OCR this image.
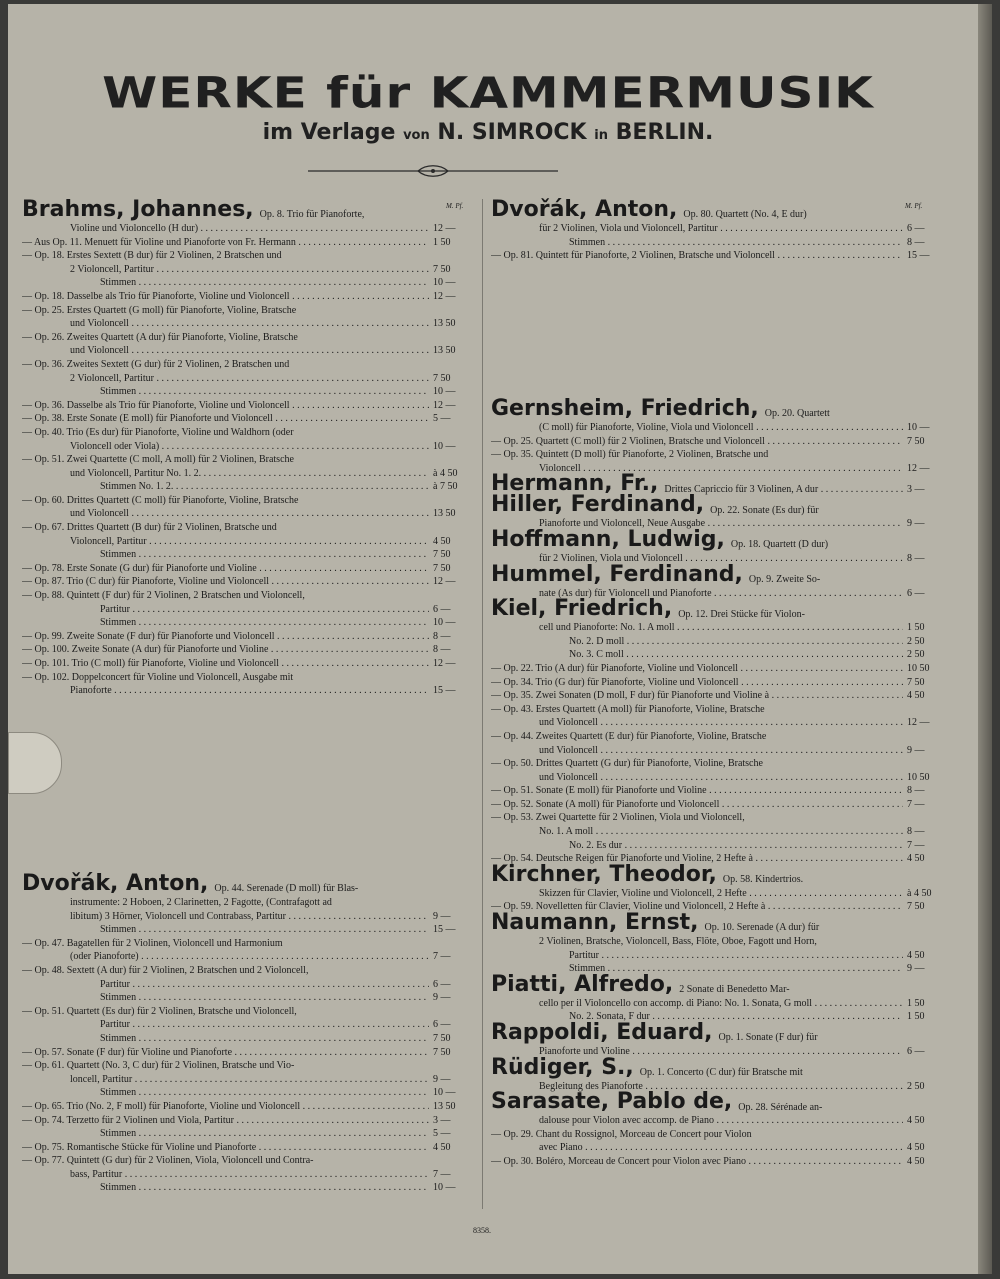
WERKE für KAMMERMUSIK
im Verlage von N. SIMROCK in BERLIN.
M. Pf.
Brahms, Johannes, Op. 8. Trio für Pianoforte,
Violine und Violoncello (H dur) . . .	12 —
— Aus Op. 11. Menuett für Violine und Pianoforte von Fr. Hermann . . .	1 50
— Op. 18. Erstes Sextett (B dur) für 2 Violinen, 2 Bratschen und
2 Violoncell, Partitur . . .	7 50
Stimmen . . .	10 —
— Op. 18. Dasselbe als Trio für Pianoforte, Violine und Violoncell . . .	12 —
— Op. 25. Erstes Quartett (G moll) für Pianoforte, Violine, Bratsche
und Violoncell . . .	13 50
— Op. 26. Zweites Quartett (A dur) für Pianoforte, Violine, Bratsche
und Violoncell . . .	13 50
— Op. 36. Zweites Sextett (G dur) für 2 Violinen, 2 Bratschen und
2 Violoncell, Partitur . . .	7 50
Stimmen . . .	10 —
— Op. 36. Dasselbe als Trio für Pianoforte, Violine und Violoncell . . .	12 —
— Op. 38. Erste Sonate (E moll) für Pianoforte und Violoncell . . .	5 —
— Op. 40. Trio (Es dur) für Pianoforte, Violine und Waldhorn (oder
Violoncell oder Viola) . . .	10 —
— Op. 51. Zwei Quartette (C moll, A moll) für 2 Violinen, Bratsche
und Violoncell, Partitur No. 1. 2. . . .	à 4 50
Stimmen No. 1. 2. . . .	à 7 50
— Op. 60. Drittes Quartett (C moll) für Pianoforte, Violine, Bratsche
und Violoncell . . .	13 50
— Op. 67. Drittes Quartett (B dur) für 2 Violinen, Bratsche und
Violoncell, Partitur . . .	4 50
Stimmen . . .	7 50
— Op. 78. Erste Sonate (G dur) für Pianoforte und Violine . . .	7 50
— Op. 87. Trio (C dur) für Pianoforte, Violine und Violoncell . . .	12 —
— Op. 88. Quintett (F dur) für 2 Violinen, 2 Bratschen und Violoncell,
Partitur . . .	6 —
Stimmen . . .	10 —
— Op. 99. Zweite Sonate (F dur) für Pianoforte und Violoncell . . .	8 —
— Op. 100. Zweite Sonate (A dur) für Pianoforte und Violine . . .	8 —
— Op. 101. Trio (C moll) für Pianoforte, Violine und Violoncell . . .	12 —
— Op. 102. Doppelconcert für Violine und Violoncell, Ausgabe mit
Pianoforte . . .	15 —
Dvořák, Anton, Op. 44. Serenade (D moll) für Blas-
instrumente: 2 Hoboen, 2 Clarinetten, 2 Fagotte, (Contrafagott ad
libitum) 3 Hörner, Violoncell und Contrabass, Partitur . . .	9 —
Stimmen . . .	15 —
— Op. 47. Bagatellen für 2 Violinen, Violoncell und Harmonium
(oder Pianoforte) . . .	7 —
— Op. 48. Sextett (A dur) für 2 Violinen, 2 Bratschen und 2 Violoncell,
Partitur . . .	6 —
Stimmen . . .	9 —
— Op. 51. Quartett (Es dur) für 2 Violinen, Bratsche und Violoncell,
Partitur . . .	6 —
Stimmen . . .	7 50
— Op. 57. Sonate (F dur) für Violine und Pianoforte . . .	7 50
— Op. 61. Quartett (No. 3, C dur) für 2 Violinen, Bratsche und Vio-
loncell, Partitur . . .	9 —
Stimmen . . .	10 —
— Op. 65. Trio (No. 2, F moll) für Pianoforte, Violine und Violoncell . . .	13 50
— Op. 74. Terzetto für 2 Violinen und Viola, Partitur . . .	3 —
Stimmen . . .	5 —
— Op. 75. Romantische Stücke für Violine und Pianoforte . . .	4 50
— Op. 77. Quintett (G dur) für 2 Violinen, Viola, Violoncell und Contra-
bass, Partitur . . .	7 —
Stimmen . . .	10 —
M. Pf.
Dvořák, Anton, Op. 80. Quartett (No. 4, E dur)
für 2 Violinen, Viola und Violoncell, Partitur . . .	6 —
Stimmen . . .	8 —
— Op. 81. Quintett für Pianoforte, 2 Violinen, Bratsche und Violoncell . . .	15 —
Gernsheim, Friedrich, Op. 20. Quartett
(C moll) für Pianoforte, Violine, Viola und Violoncell . . .	10 —
— Op. 25. Quartett (C moll) für 2 Violinen, Bratsche und Violoncell . . .	7 50
— Op. 35. Quintett (D moll) für Pianoforte, 2 Violinen, Bratsche und
Violoncell . . .	12 —
Hermann, Fr., Drittes Capriccio für 3 Violinen, A dur . . .	3 —
Hiller, Ferdinand, Op. 22. Sonate (Es dur) für
Pianoforte und Violoncell, Neue Ausgabe . . .	9 —
Hoffmann, Ludwig, Op. 18. Quartett (D dur)
für 2 Violinen, Viola und Violoncell . . .	8 —
Hummel, Ferdinand, Op. 9. Zweite So-
nate (As dur) für Violoncell und Pianoforte . . .	6 —
Kiel, Friedrich, Op. 12. Drei Stücke für Violon-
cell und Pianoforte: No. 1. A moll . . .	1 50
No. 2. D moll . . .	2 50
No. 3. C moll . . .	2 50
— Op. 22. Trio (A dur) für Pianoforte, Violine und Violoncell . . .	10 50
— Op. 34. Trio (G dur) für Pianoforte, Violine und Violoncell . . .	7 50
— Op. 35. Zwei Sonaten (D moll, F dur) für Pianoforte und Violine à . . .	4 50
— Op. 43. Erstes Quartett (A moll) für Pianoforte, Violine, Bratsche
und Violoncell . . .	12 —
— Op. 44. Zweites Quartett (E dur) für Pianoforte, Violine, Bratsche
und Violoncell . . .	9 —
— Op. 50. Drittes Quartett (G dur) für Pianoforte, Violine, Bratsche
und Violoncell . . .	10 50
— Op. 51. Sonate (E moll) für Pianoforte und Violine . . .	8 —
— Op. 52. Sonate (A moll) für Pianoforte und Violoncell . . .	7 —
— Op. 53. Zwei Quartette für 2 Violinen, Viola und Violoncell,
No. 1. A moll . . .	8 —
No. 2. Es dur . . .	7 —
— Op. 54. Deutsche Reigen für Pianoforte und Violine, 2 Hefte à . . .	4 50
Kirchner, Theodor, Op. 58. Kindertrios.
Skizzen für Clavier, Violine und Violoncell, 2 Hefte . . .	à 4 50
— Op. 59. Novelletten für Clavier, Violine und Violoncell, 2 Hefte à . . .	7 50
Naumann, Ernst, Op. 10. Serenade (A dur) für
2 Violinen, Bratsche, Violoncell, Bass, Flöte, Oboe, Fagott und Horn,
Partitur . . .	4 50
Stimmen . . .	9 —
Piatti, Alfredo, 2 Sonate di Benedetto Mar-
cello per il Violoncello con accomp. di Piano: No. 1. Sonata, G moll . . .	1 50
No. 2. Sonata, F dur . . .	1 50
Rappoldi, Eduard, Op. 1. Sonate (F dur) für
Pianoforte und Violine . . .	6 —
Rüdiger, S., Op. 1. Concerto (C dur) für Bratsche mit
Begleitung des Pianoforte . . .	2 50
Sarasate, Pablo de, Op. 28. Sérénade an-
dalouse pour Violon avec accomp. de Piano . . .	4 50
— Op. 29. Chant du Rossignol, Morceau de Concert pour Violon
avec Piano . . .	4 50
— Op. 30. Boléro, Morceau de Concert pour Violon avec Piano . . .	4 50
8358.
